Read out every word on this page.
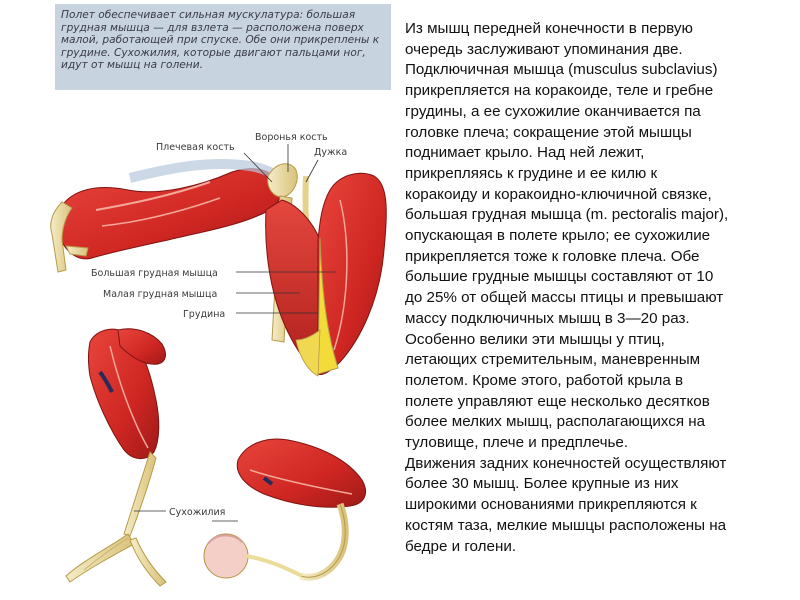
Полет обеспечивает сильная мускулатура: большая грудная мышца — для взлета — расположена поверх малой, работающей при спуске. Обе они прикреплены к грудине. Сухожилия, которые двигают пальцами ног, идут от мышц на голени.
Плечевая кость
Воронья кость
Дужка
Большая грудная мышца
Малая грудная мышца
Грудина
Сухожилия
Из мышц передней конечности в первую
очередь заслуживают упоминания две.
Подключичная мышца (musculus subclavius)
прикрепляется на коракоиде, теле и гребне
грудины, а ее сухожилие оканчивается па
головке плеча; сокращение этой мышцы
поднимает крыло. Над ней лежит,
прикрепляясь к грудине и ее килю к
коракоиду и коракоидно-ключичной связке,
большая грудная мышца (m. pectoralis major),
опускающая в полете крыло; ее сухожилие
прикрепляется тоже к головке плеча. Обе
большие грудные мышцы составляют от 10
до 25% от общей массы птицы и превышают
массу подключичных мышц в 3—20 раз.
Особенно велики эти мышцы у птиц,
летающих стремительным, маневренным
полетом. Кроме этого, работой крыла в
полете управляют еще несколько десятков
более мелких мышц, располагающихся на
туловище, плече и предплечье.
Движения задних конечностей осуществляют
более 30 мышц. Более крупные из них
широкими основаниями прикрепляются к
костям таза, мелкие мышцы расположены на
бедре и голени.
